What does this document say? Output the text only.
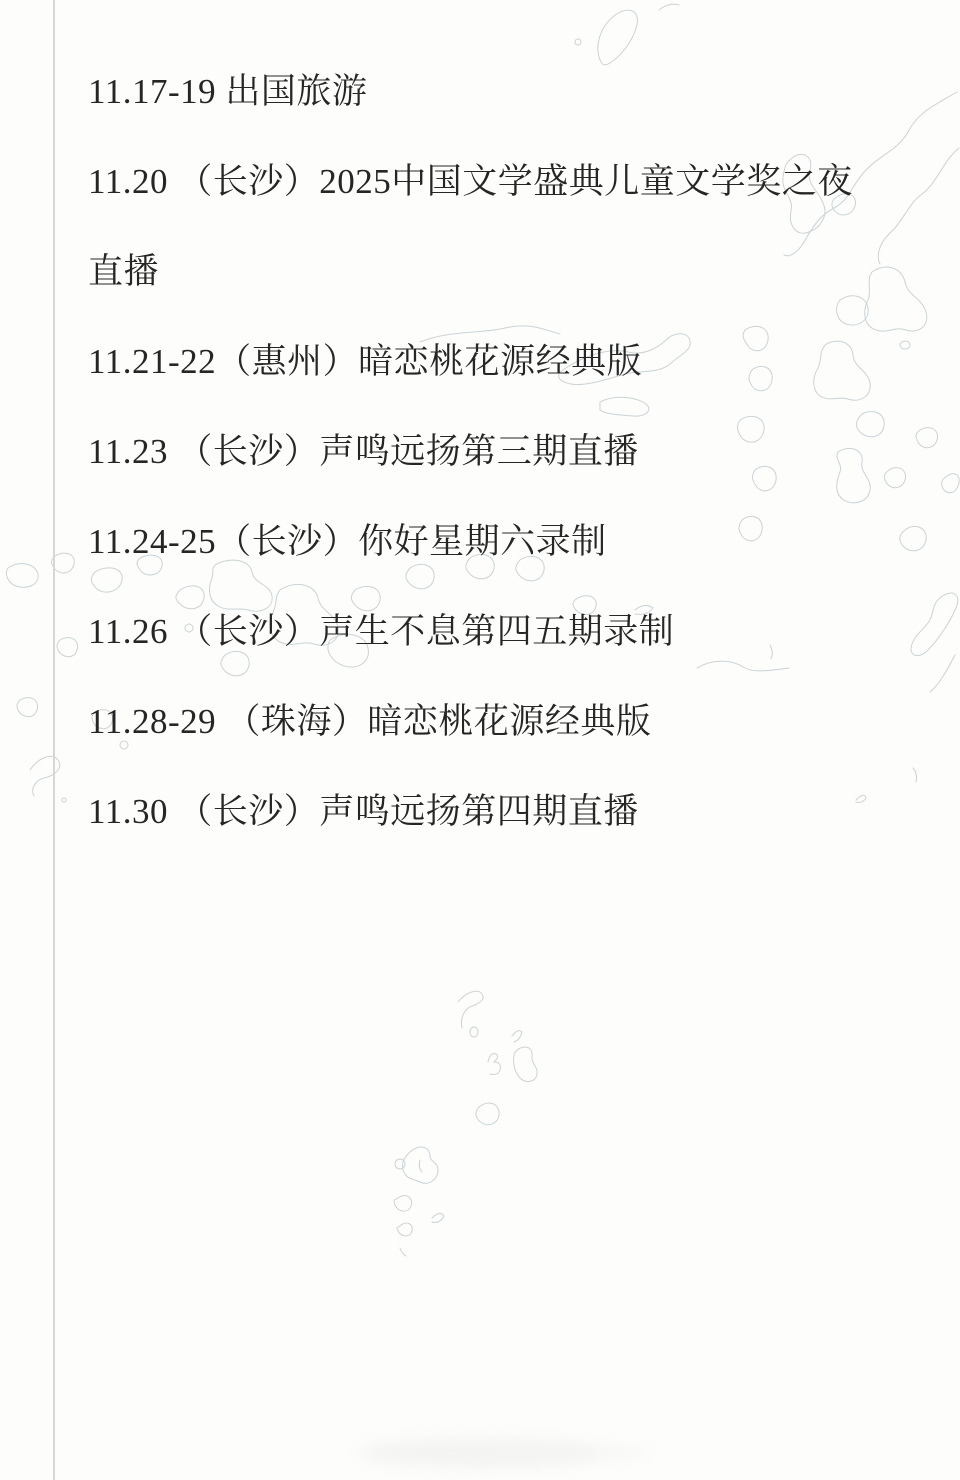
11.17-19 出国旅游

11.20 （长沙）2025中国文学盛典儿童文学奖之夜

直播

11.21-22（惠州）暗恋桃花源经典版

11.23 （长沙）声鸣远扬第三期直播

11.24-25（长沙）你好星期六录制

11.26 （长沙）声生不息第四五期录制

11.28-29 （珠海）暗恋桃花源经典版

11.30 （长沙）声鸣远扬第四期直播
